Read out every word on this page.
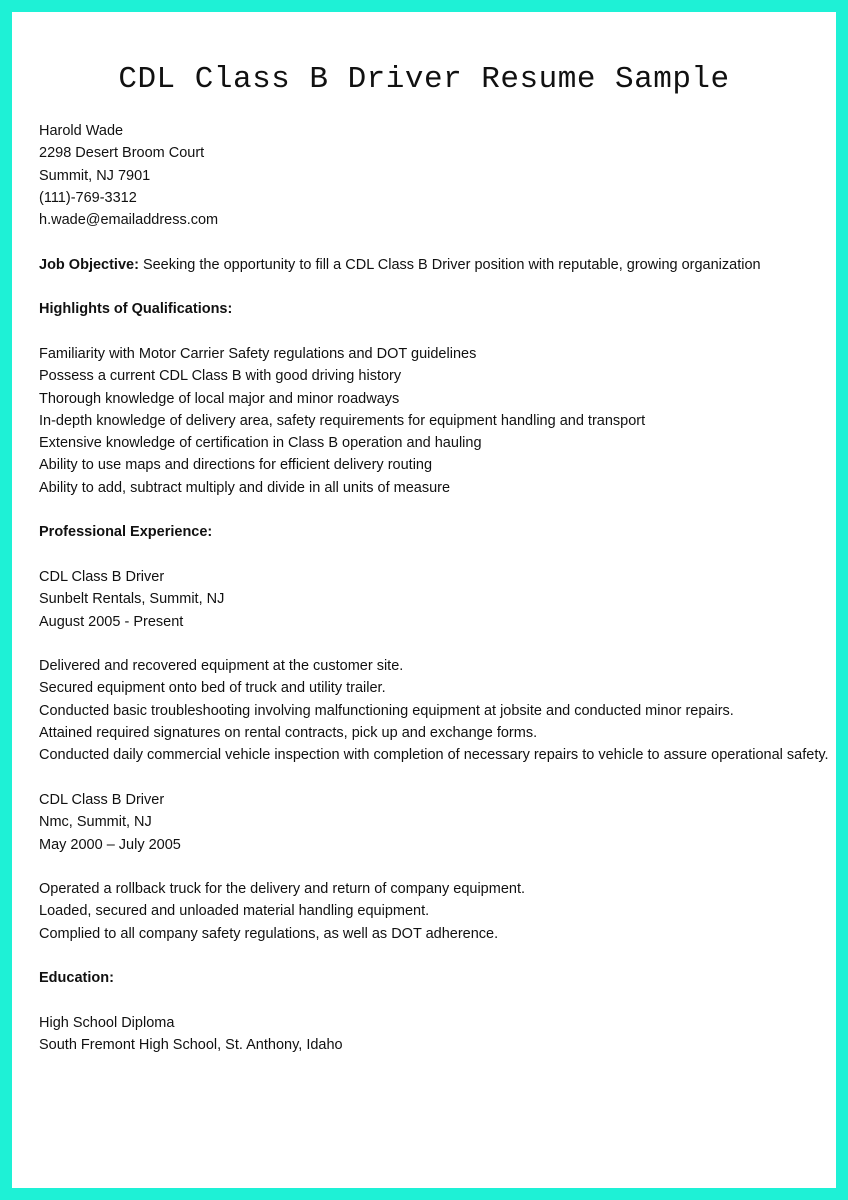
CDL Class B Driver Resume Sample
Harold Wade
2298 Desert Broom Court
Summit, NJ 7901
(111)-769-3312
h.wade@emailaddress.com
Job Objective: Seeking the opportunity to fill a CDL Class B Driver position with reputable, growing organization
Highlights of Qualifications:
Familiarity with Motor Carrier Safety regulations and DOT guidelines
Possess a current CDL Class B with good driving history
Thorough knowledge of local major and minor roadways
In-depth knowledge of delivery area, safety requirements for equipment handling and transport
Extensive knowledge of certification in Class B operation and hauling
Ability to use maps and directions for efficient delivery routing
Ability to add, subtract multiply and divide in all units of measure
Professional Experience:
CDL Class B Driver
Sunbelt Rentals, Summit, NJ
August 2005 - Present
Delivered and recovered equipment at the customer site.
Secured equipment onto bed of truck and utility trailer.
Conducted basic troubleshooting involving malfunctioning equipment at jobsite and conducted minor repairs.
Attained required signatures on rental contracts, pick up and exchange forms.
Conducted daily commercial vehicle inspection with completion of necessary repairs to vehicle to assure operational safety.
CDL Class B Driver
Nmc, Summit, NJ
May 2000 – July 2005
Operated a rollback truck for the delivery and return of company equipment.
Loaded, secured and unloaded material handling equipment.
Complied to all company safety regulations, as well as DOT adherence.
Education:
High School Diploma
South Fremont High School, St. Anthony, Idaho
